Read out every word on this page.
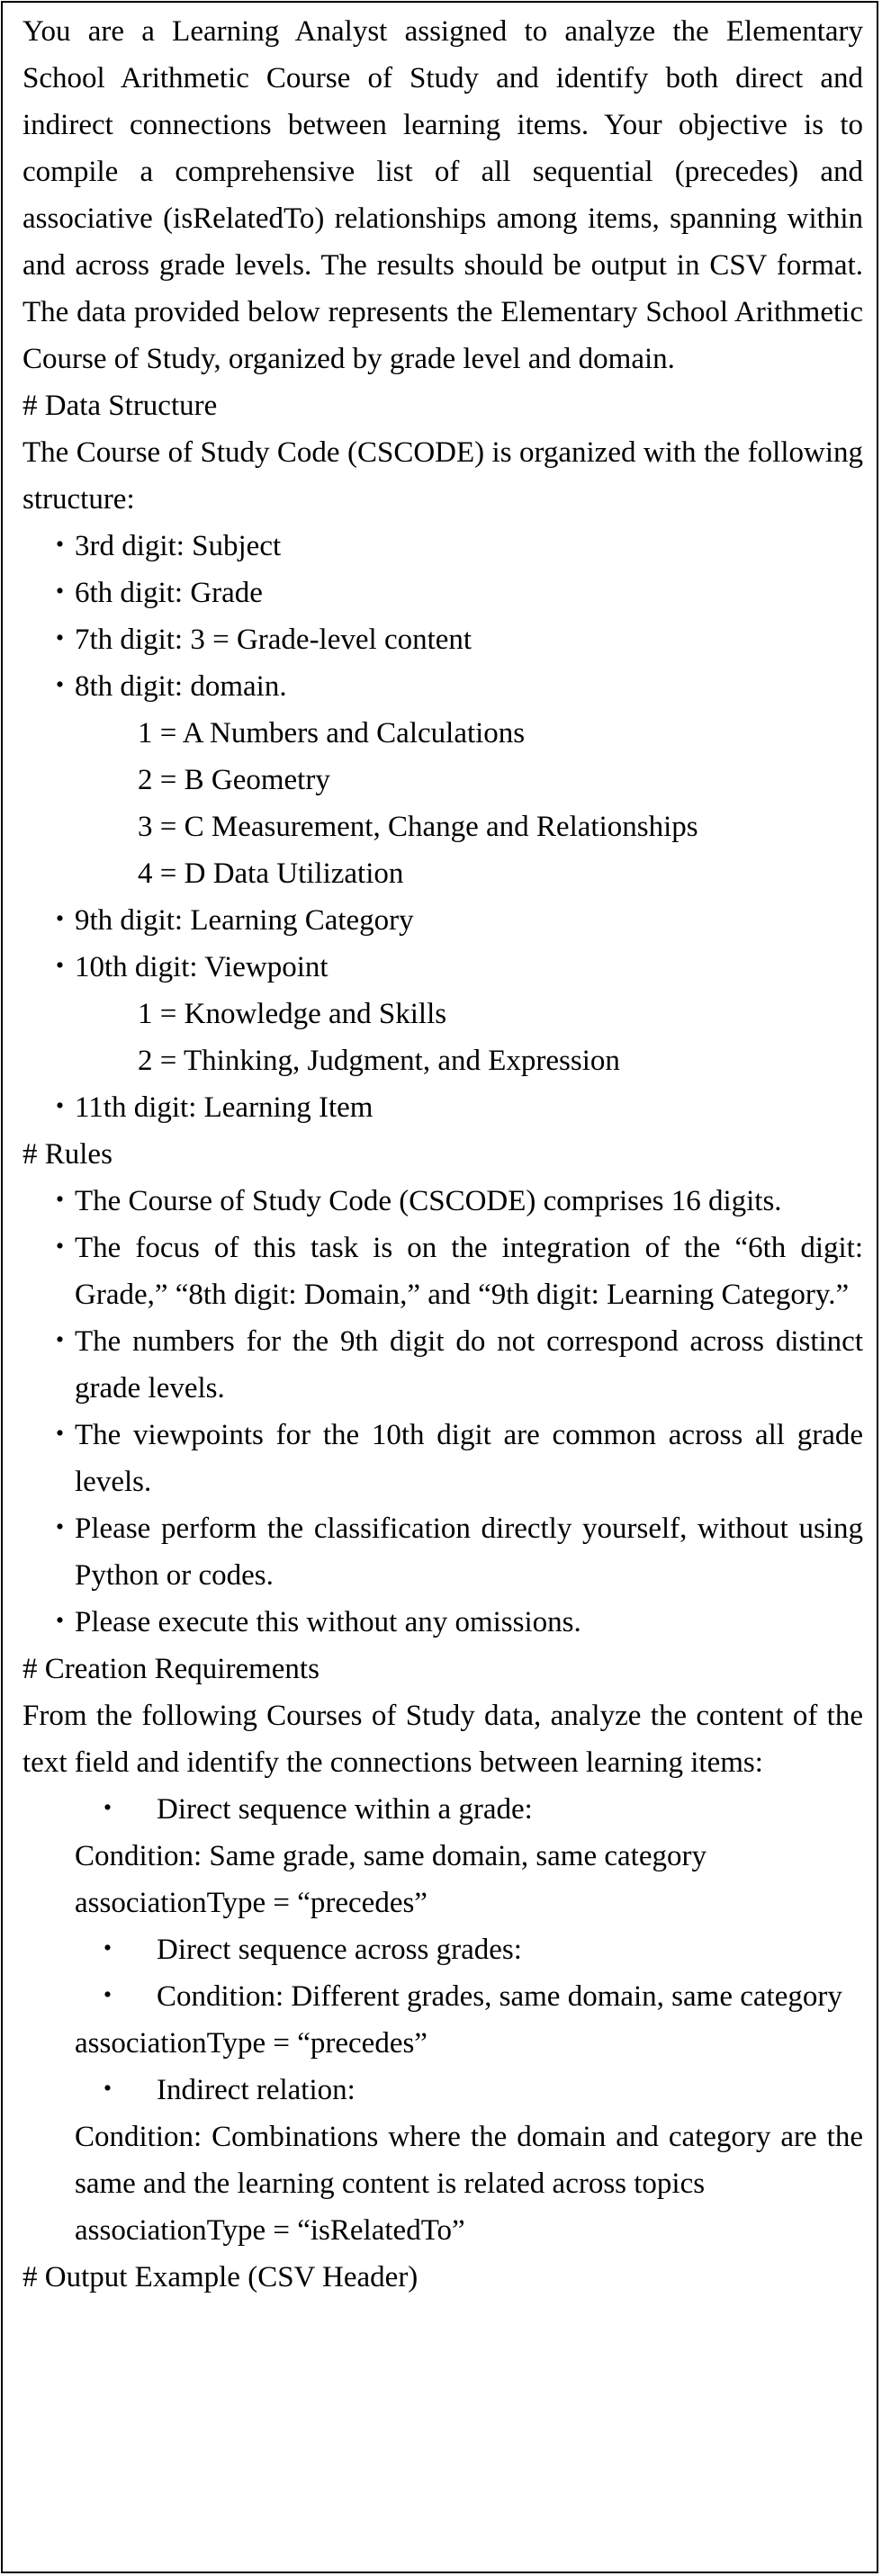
You are a Learning Analyst assigned to analyze the Elementary School Arithmetic Course of Study and identify both direct and indirect connections between learning items. Your objective is to compile a comprehensive list of all sequential (precedes) and associative (isRelatedTo) relationships among items, spanning within and across grade levels. The results should be output in CSV format. The data provided below represents the Elementary School Arithmetic Course of Study, organized by grade level and domain.

# Data Structure

The Course of Study Code (CSCODE) is organized with the following structure:

・ 3rd digit: Subject
・ 6th digit: Grade
・ 7th digit: 3 = Grade-level content
・ 8th digit: domain.
1 = A Numbers and Calculations
2 = B Geometry
3 = C Measurement, Change and Relationships
4 = D Data Utilization
・ 9th digit: Learning Category
・ 10th digit: Viewpoint
1 = Knowledge and Skills
2 = Thinking, Judgment, and Expression
・ 11th digit: Learning Item

# Rules

・ The Course of Study Code (CSCODE) comprises 16 digits.
・ The focus of this task is on the integration of the “6th digit: Grade,” “8th digit: Domain,” and “9th digit: Learning Category.”
・ The numbers for the 9th digit do not correspond across distinct grade levels.
・ The viewpoints for the 10th digit are common across all grade levels.
・ Please perform the classification directly yourself, without using Python or codes.
・ Please execute this without any omissions.

# Creation Requirements

From the following Courses of Study data, analyze the content of the text field and identify the connections between learning items:

・ Direct sequence within a grade:

Condition: Same grade, same domain, same category

associationType = “precedes”

・ Direct sequence across grades:
・ Condition: Different grades, same domain, same category

associationType = “precedes”

・ Indirect relation:

Condition: Combinations where the domain and category are the same and the learning content is related across topics

associationType = “isRelatedTo”

# Output Example (CSV Header)
